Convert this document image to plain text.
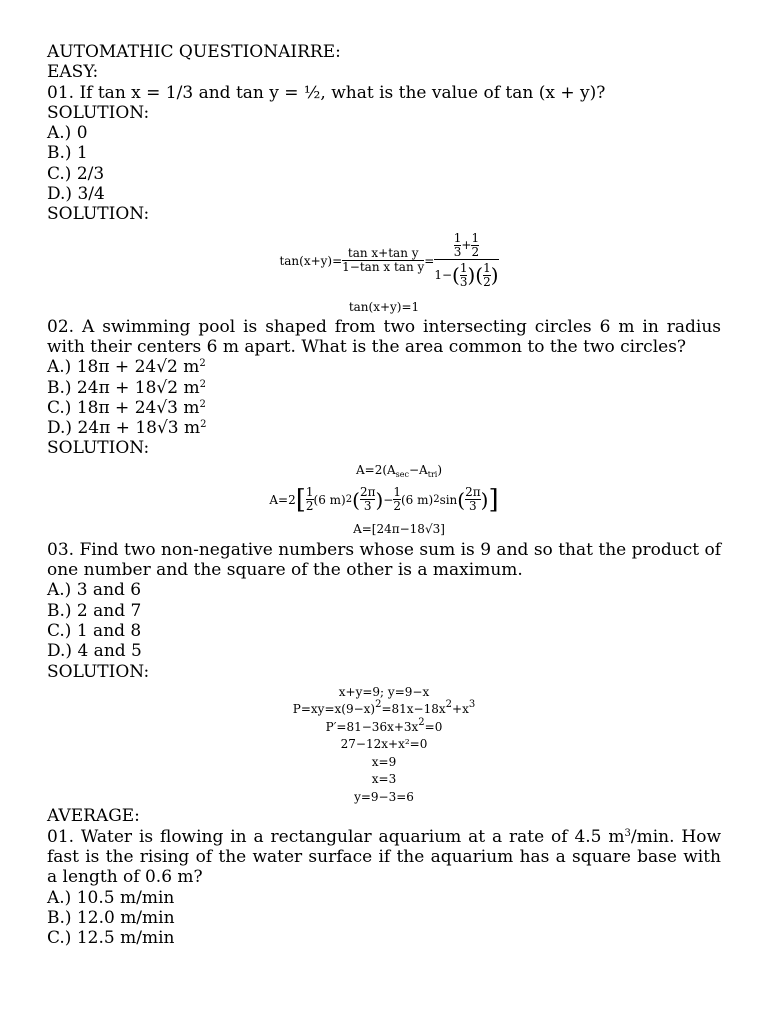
AUTOMATHIC QUESTIONAIRRE:
EASY:
01. If tan x = 1/3 and tan y = ½, what is the value of tan (x + y)?
SOLUTION:
A.) 0
B.) 1
C.) 2/3
D.) 3/4
SOLUTION:
$\tan(x+y)= \frac{\text{tan x+tan y}}{\text{1−tan x tan y}} = \frac{\frac{1}{3} + \frac{1}{2}}{1-( \frac{1}{3} )( \frac{1}{2} )}$
tan(x+y)=1
02. A swimming pool is shaped from two intersecting circles 6 m in radius with their centers 6 m apart. What is the area common to the two circles?
A.) 18π + 24√2 $m^2$
B.) 24π + 18√2 $m^2$
C.) 18π + 24√3 $m^2$
D.) 24π + 18√3 $m^2$
SOLUTION:
$A=2(A_{sec}-A_{tri})$
A=2 [ $\frac{1}{2} (6$ m) 2 ( $\frac{2\pi}{3}$ ) − $\frac{1}{2} (6$ m) 2 sin ( $\frac{2\pi}{3}$ ) ]
A=[24π−18√3]
03. Find two non-negative numbers whose sum is 9 and so that the product of one number and the square of the other is a maximum.
A.) 3 and 6
B.) 2 and 7
C.) 1 and 8
D.) 4 and 5
SOLUTION:
x+y=9; y=9−x
$P=xy=x(9-x)^2=81x-18x^2+x^3$
$P'=81-36x+3x^2=0$
27−12x+x²=0
x=9
x=3
y=9−3=6
AVERAGE:
01. Water is flowing in a rectangular aquarium at a rate of 4.5 $m^3/\min$. How fast is the rising of the water surface if the aquarium has a square base with a length of 0.6 m?
A.) 10.5 m/min
B.) 12.0 m/min
C.) 12.5 m/min
